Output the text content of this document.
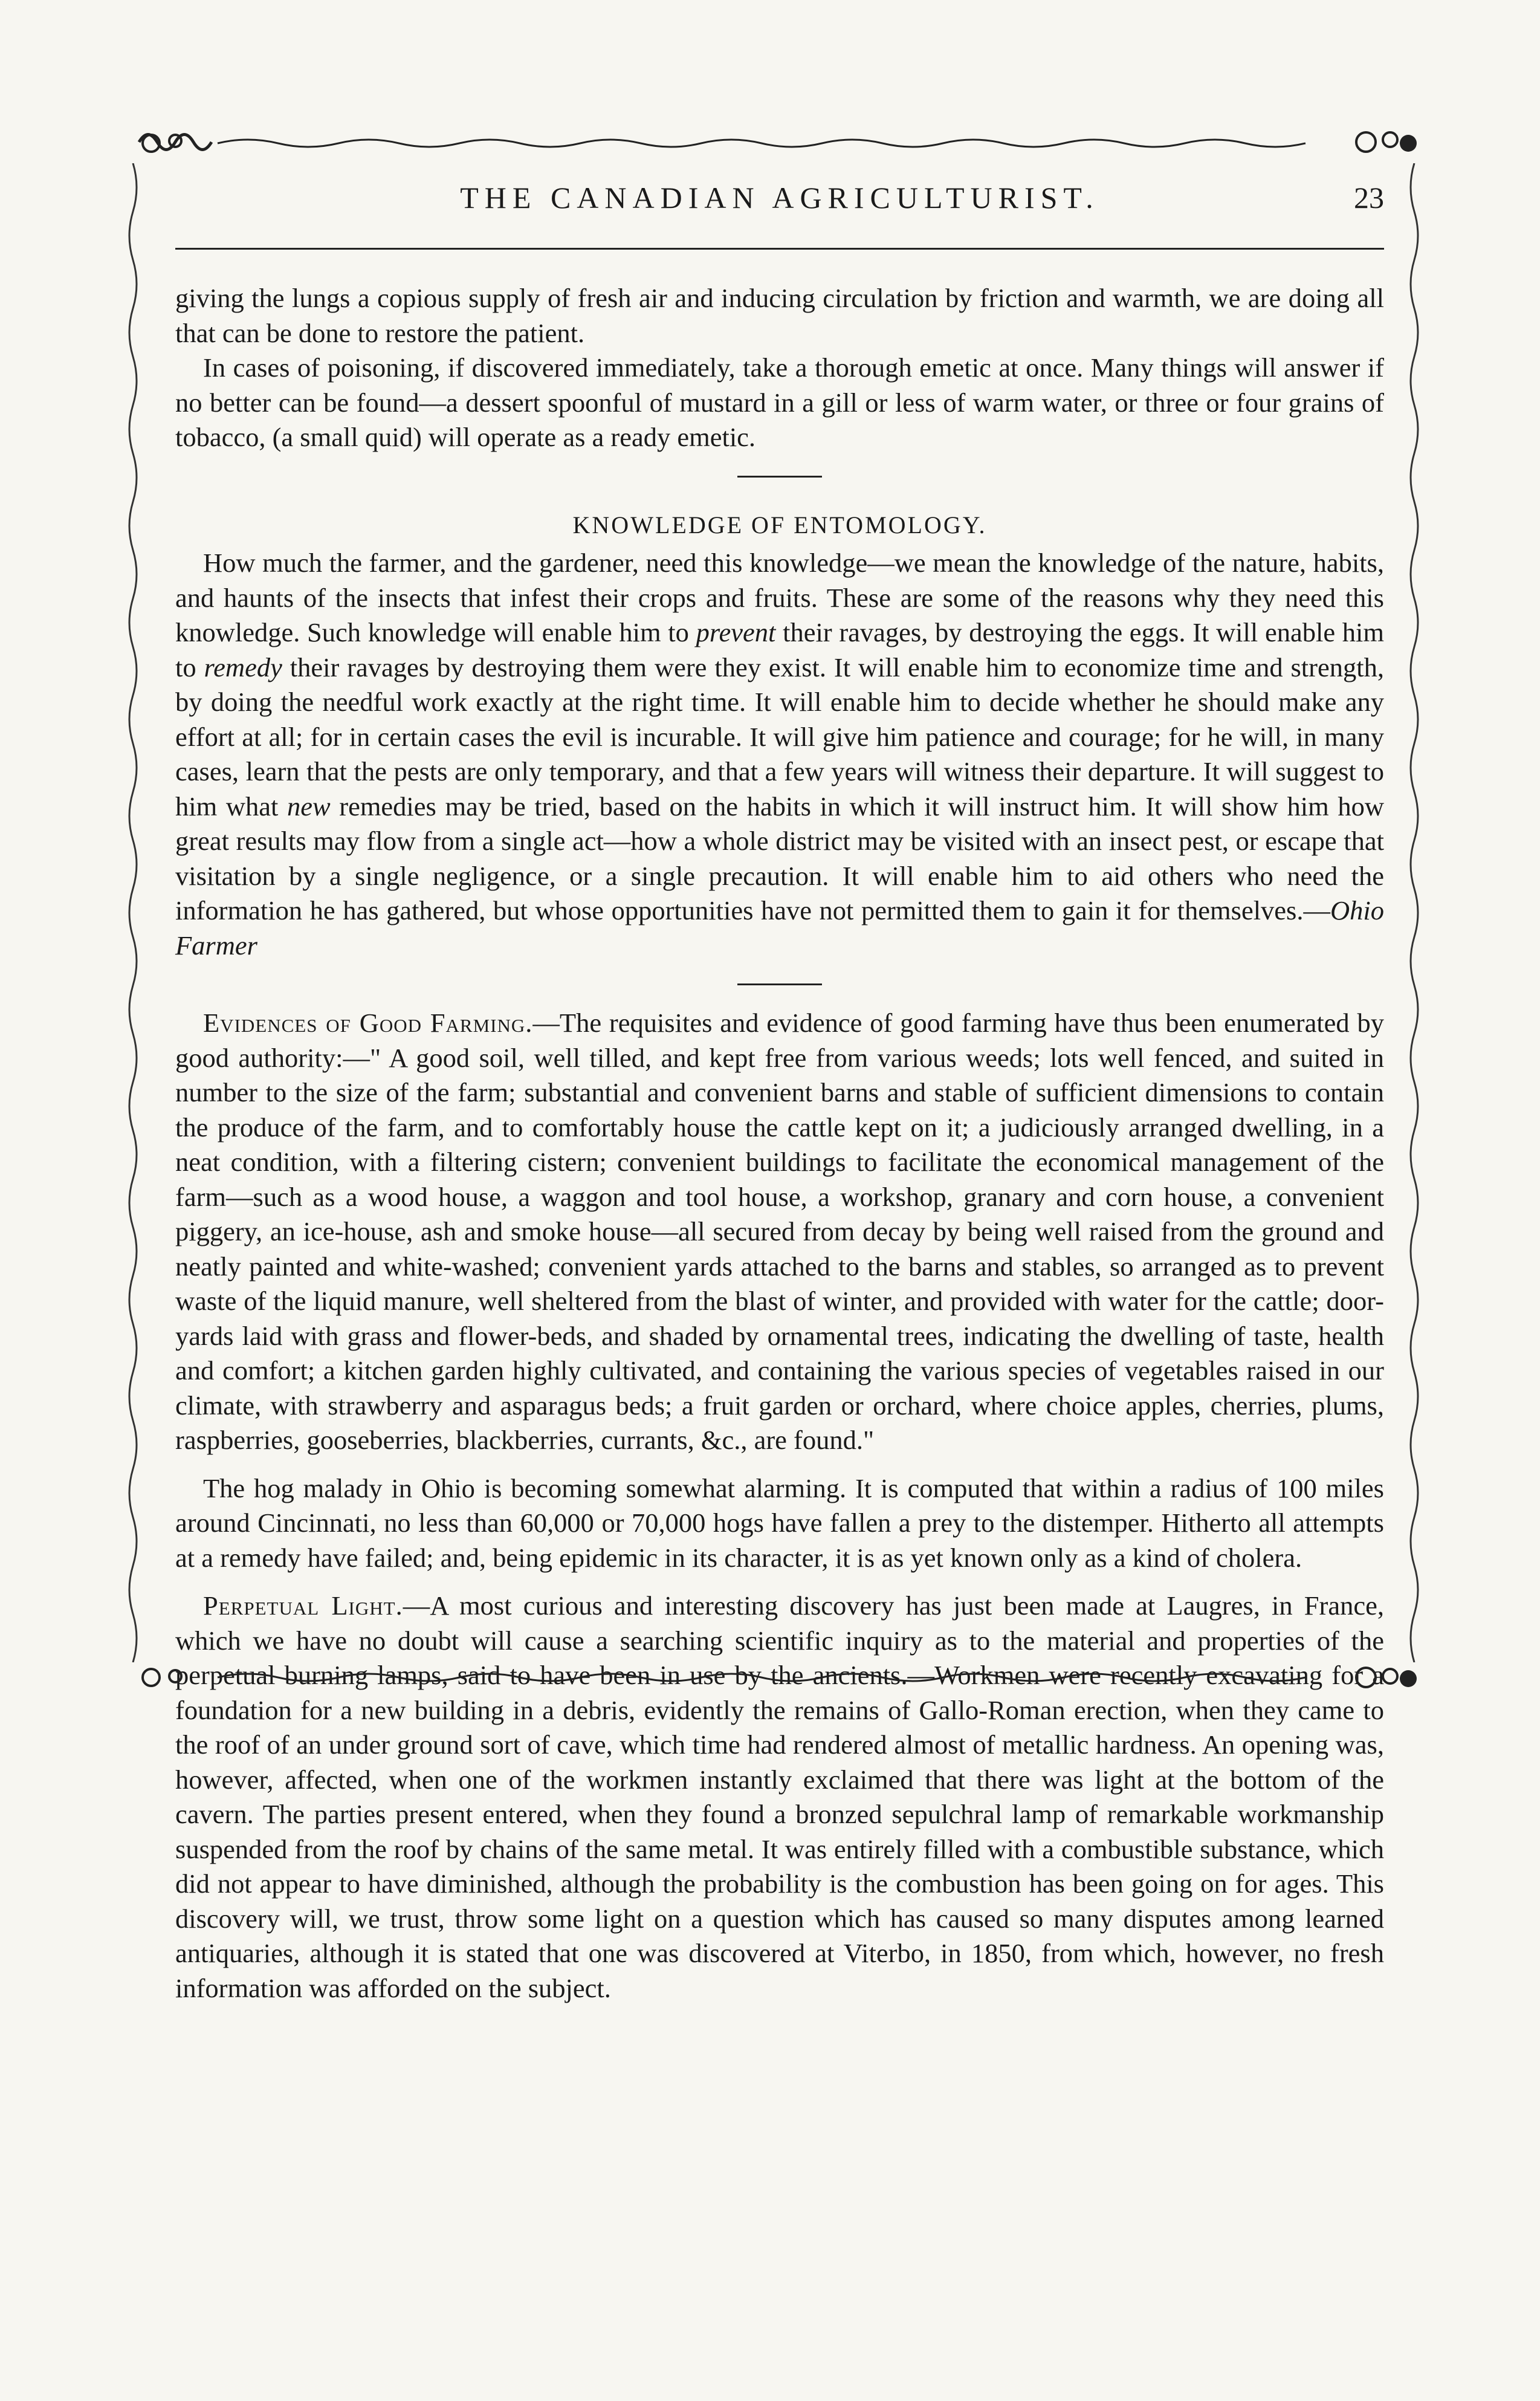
THE CANADIAN AGRICULTURIST.	23

giving the lungs a copious supply of fresh air and inducing circulation by friction and warmth, we are doing all that can be done to restore the patient.

In cases of poisoning, if discovered immediately, take a thorough emetic at once. Many things will answer if no better can be found—a dessert spoonful of mustard in a gill or less of warm water, or three or four grains of tobacco, (a small quid) will operate as a ready emetic.

KNOWLEDGE OF ENTOMOLOGY.

How much the farmer, and the gardener, need this knowledge—we mean the knowledge of the nature, habits, and haunts of the insects that infest their crops and fruits. These are some of the reasons why they need this knowledge. Such knowledge will enable him to prevent their ravages, by destroying the eggs. It will enable him to remedy their ravages by destroying them were they exist. It will enable him to economize time and strength, by doing the needful work exactly at the right time. It will enable him to decide whether he should make any effort at all; for in certain cases the evil is incurable. It will give him patience and courage; for he will, in many cases, learn that the pests are only temporary, and that a few years will witness their departure. It will suggest to him what new remedies may be tried, based on the habits in which it will instruct him. It will show him how great results may flow from a single act—how a whole district may be visited with an insect pest, or escape that visitation by a single negligence, or a single precaution. It will enable him to aid others who need the information he has gathered, but whose opportunities have not permitted them to gain it for themselves.—Ohio Farmer

Evidences of Good Farming.—The requisites and evidence of good farming have thus been enumerated by good authority:—" A good soil, well tilled, and kept free from various weeds; lots well fenced, and suited in number to the size of the farm; substantial and convenient barns and stable of sufficient dimensions to contain the produce of the farm, and to comfortably house the cattle kept on it; a judiciously arranged dwelling, in a neat condition, with a filtering cistern; convenient buildings to facilitate the economical management of the farm—such as a wood house, a waggon and tool house, a workshop, granary and corn house, a convenient piggery, an ice-house, ash and smoke house—all secured from decay by being well raised from the ground and neatly painted and white-washed; convenient yards attached to the barns and stables, so arranged as to prevent waste of the liquid manure, well sheltered from the blast of winter, and provided with water for the cattle; door-yards laid with grass and flower-beds, and shaded by ornamental trees, indicating the dwelling of taste, health and comfort; a kitchen garden highly cultivated, and containing the various species of vegetables raised in our climate, with strawberry and asparagus beds; a fruit garden or orchard, where choice apples, cherries, plums, raspberries, gooseberries, blackberries, currants, &c., are found."

The hog malady in Ohio is becoming somewhat alarming. It is computed that within a radius of 100 miles around Cincinnati, no less than 60,000 or 70,000 hogs have fallen a prey to the distemper. Hitherto all attempts at a remedy have failed; and, being epidemic in its character, it is as yet known only as a kind of cholera.

Perpetual Light.—A most curious and interesting discovery has just been made at Laugres, in France, which we have no doubt will cause a searching scientific inquiry as to the material and properties of the perpetual burning lamps, said to have been in use by the ancients.—Workmen were recently excavating for a foundation for a new building in a debris, evidently the remains of Gallo-Roman erection, when they came to the roof of an under ground sort of cave, which time had rendered almost of metallic hardness. An opening was, however, affected, when one of the workmen instantly exclaimed that there was light at the bottom of the cavern. The parties present entered, when they found a bronzed sepulchral lamp of remarkable workmanship suspended from the roof by chains of the same metal. It was entirely filled with a combustible substance, which did not appear to have diminished, although the probability is the combustion has been going on for ages. This discovery will, we trust, throw some light on a question which has caused so many disputes among learned antiquaries, although it is stated that one was discovered at Viterbo, in 1850, from which, however, no fresh information was afforded on the subject.
